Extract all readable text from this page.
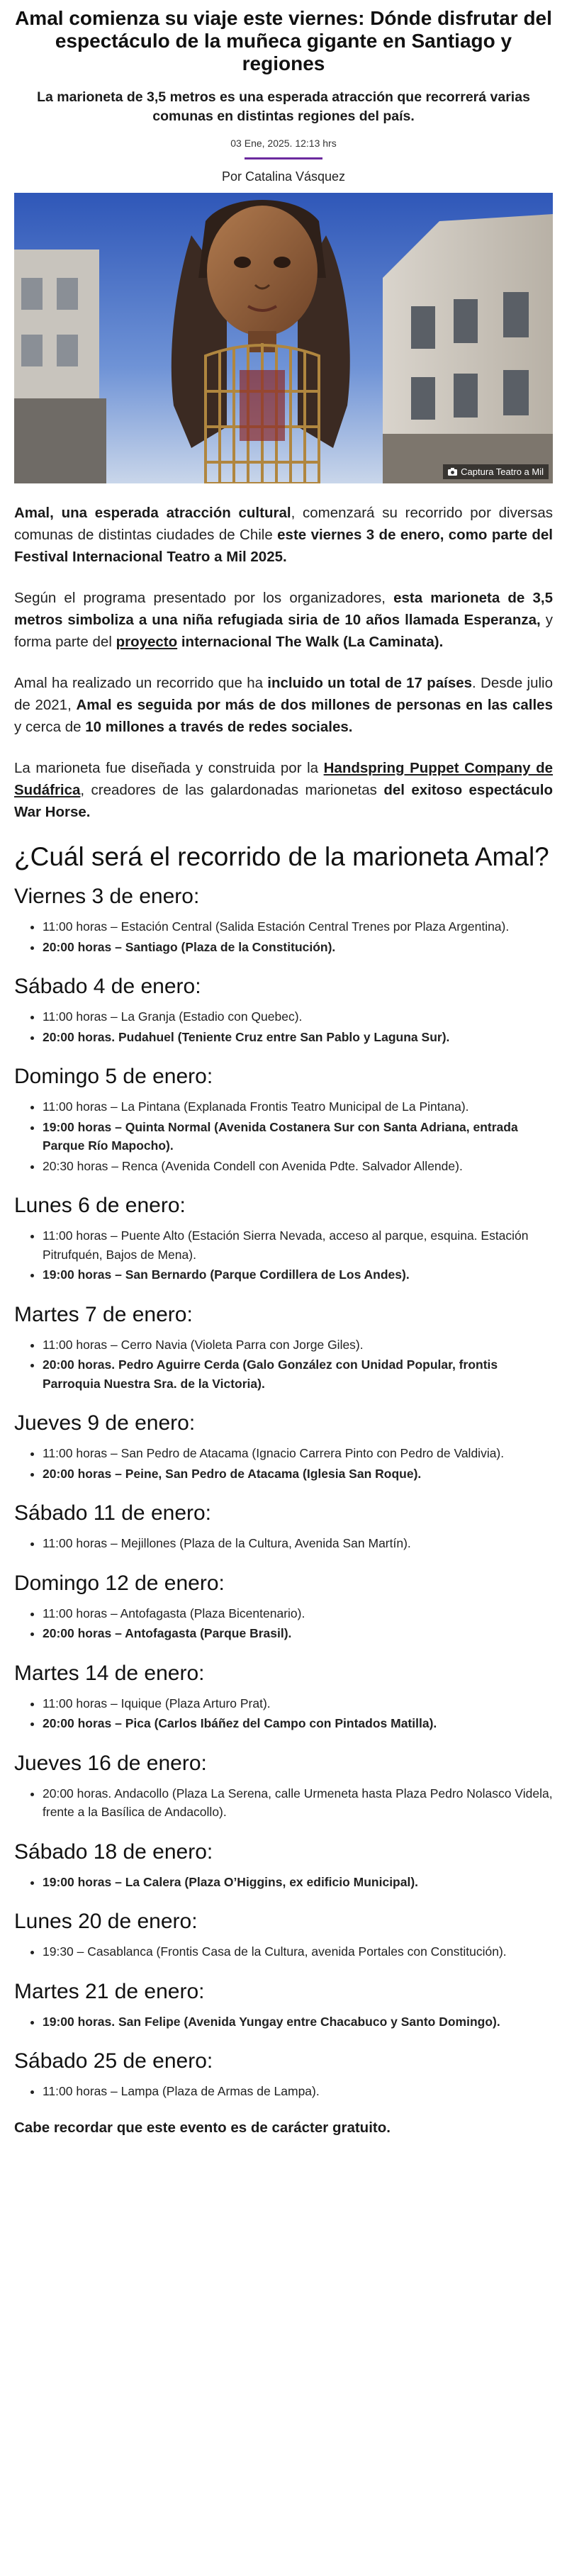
Amal comienza su viaje este viernes: Dónde disfrutar del espectáculo de la muñeca gigante en Santiago y regiones

La marioneta de 3,5 metros es una esperada atracción que recorrerá varias comunas en distintas regiones del país.

03 Ene, 2025. 12:13 hrs
Por Catalina Vásquez
Captura Teatro a Mil

Amal, una esperada atracción cultural, comenzará su recorrido por diversas comunas de distintas ciudades de Chile este viernes 3 de enero, como parte del Festival Internacional Teatro a Mil 2025.

Según el programa presentado por los organizadores, esta marioneta de 3,5 metros simboliza a una niña refugiada siria de 10 años llamada Esperanza, y forma parte del proyecto internacional The Walk (La Caminata).

Amal ha realizado un recorrido que ha incluido un total de 17 países. Desde julio de 2021, Amal es seguida por más de dos millones de personas en las calles y cerca de 10 millones a través de redes sociales.

La marioneta fue diseñada y construida por la Handspring Puppet Company de Sudáfrica, creadores de las galardonadas marionetas del exitoso espectáculo War Horse.

¿Cuál será el recorrido de la marioneta Amal?
Viernes 3 de enero:
• 11:00 horas – Estación Central (Salida Estación Central Trenes por Plaza Argentina).
• 20:00 horas – Santiago (Plaza de la Constitución).
Sábado 4 de enero:
• 11:00 horas – La Granja (Estadio con Quebec).
• 20:00 horas. Pudahuel (Teniente Cruz entre San Pablo y Laguna Sur).
Domingo 5 de enero:
• 11:00 horas – La Pintana (Explanada Frontis Teatro Municipal de La Pintana).
• 19:00 horas – Quinta Normal (Avenida Costanera Sur con Santa Adriana, entrada Parque Río Mapocho).
• 20:30 horas – Renca (Avenida Condell con Avenida Pdte. Salvador Allende).
Lunes 6 de enero:
• 11:00 horas – Puente Alto (Estación Sierra Nevada, acceso al parque, esquina. Estación Pitrufquén, Bajos de Mena).
• 19:00 horas – San Bernardo (Parque Cordillera de Los Andes).
Martes 7 de enero:
• 11:00 horas – Cerro Navia (Violeta Parra con Jorge Giles).
• 20:00 horas. Pedro Aguirre Cerda (Galo González con Unidad Popular, frontis Parroquia Nuestra Sra. de la Victoria).
Jueves 9 de enero:
• 11:00 horas – San Pedro de Atacama (Ignacio Carrera Pinto con Pedro de Valdivia).
• 20:00 horas – Peine, San Pedro de Atacama (Iglesia San Roque).
Sábado 11 de enero:
• 11:00 horas – Mejillones (Plaza de la Cultura, Avenida San Martín).
Domingo 12 de enero:
• 11:00 horas – Antofagasta (Plaza Bicentenario).
• 20:00 horas – Antofagasta (Parque Brasil).
Martes 14 de enero:
• 11:00 horas – Iquique (Plaza Arturo Prat).
• 20:00 horas – Pica (Carlos Ibáñez del Campo con Pintados Matilla).
Jueves 16 de enero:
• 20:00 horas. Andacollo (Plaza La Serena, calle Urmeneta hasta Plaza Pedro Nolasco Videla, frente a la Basílica de Andacollo).
Sábado 18 de enero:
• 19:00 horas – La Calera (Plaza O’Higgins, ex edificio Municipal).
Lunes 20 de enero:
• 19:30 – Casablanca (Frontis Casa de la Cultura, avenida Portales con Constitución).
Martes 21 de enero:
• 19:00 horas. San Felipe (Avenida Yungay entre Chacabuco y Santo Domingo).
Sábado 25 de enero:
• 11:00 horas – Lampa (Plaza de Armas de Lampa).

Cabe recordar que este evento es de carácter gratuito.
